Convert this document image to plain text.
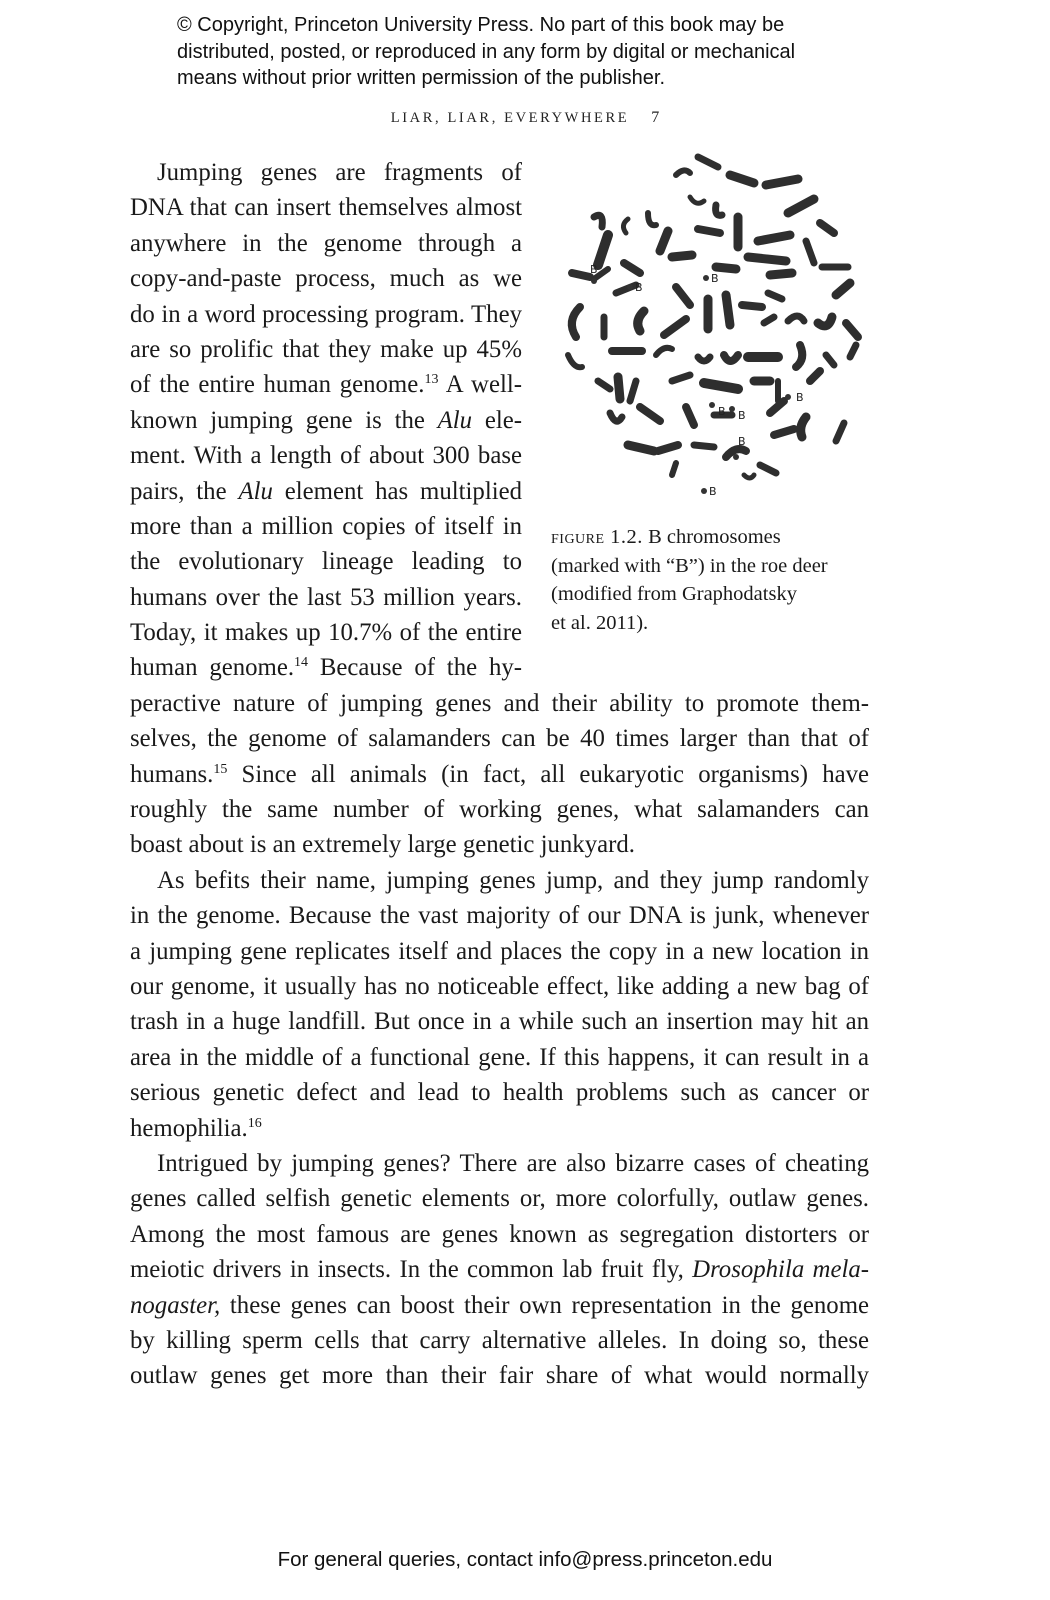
© Copyright, Princeton University Press. No part of this book may be
distributed, posted, or reproduced in any form by digital or mechanical
means without prior written permission of the publisher.
LIAR, LIAR, EVERYWHERE 7
B
B
B
B
B B
B
B
figure 1.2. B chromosomes
(marked with “B”) in the roe deer
(modified from Graphodatsky
et al. 2011).
Jumping genes are fragments of
DNA that can insert themselves almost
anywhere in the genome through a
copy-and-paste process, much as we
do in a word processing program. They
are so prolific that they make up 45%
of the entire human genome.$^{13}$ A well-
known jumping gene is the Alu ele-
ment. With a length of about 300 base
pairs, the Alu element has multiplied
more than a million copies of itself in
the evolutionary lineage leading to
humans over the last 53 million years.
Today, it makes up 10.7% of the entire
human genome.$^{14}$ Because of the hy-
peractive nature of jumping genes and their ability to promote them-
selves, the genome of salamanders can be 40 times larger than that of
humans.$^{15}$ Since all animals (in fact, all eukaryotic organisms) have
roughly the same number of working genes, what salamanders can
boast about is an extremely large genetic junkyard.
As befits their name, jumping genes jump, and they jump randomly
in the genome. Because the vast majority of our DNA is junk, whenever
a jumping gene replicates itself and places the copy in a new location in
our genome, it usually has no noticeable effect, like adding a new bag of
trash in a huge landfill. But once in a while such an insertion may hit an
area in the middle of a functional gene. If this happens, it can result in a
serious genetic defect and lead to health problems such as cancer or
hemophilia.$^{16}$
Intrigued by jumping genes? There are also bizarre cases of cheating
genes called selfish genetic elements or, more colorfully, outlaw genes.
Among the most famous are genes known as segregation distorters or
meiotic drivers in insects. In the common lab fruit fly, Drosophila mela-
nogaster, these genes can boost their own representation in the genome
by killing sperm cells that carry alternative alleles. In doing so, these
outlaw genes get more than their fair share of what would normally
For general queries, contact info@press.princeton.edu
